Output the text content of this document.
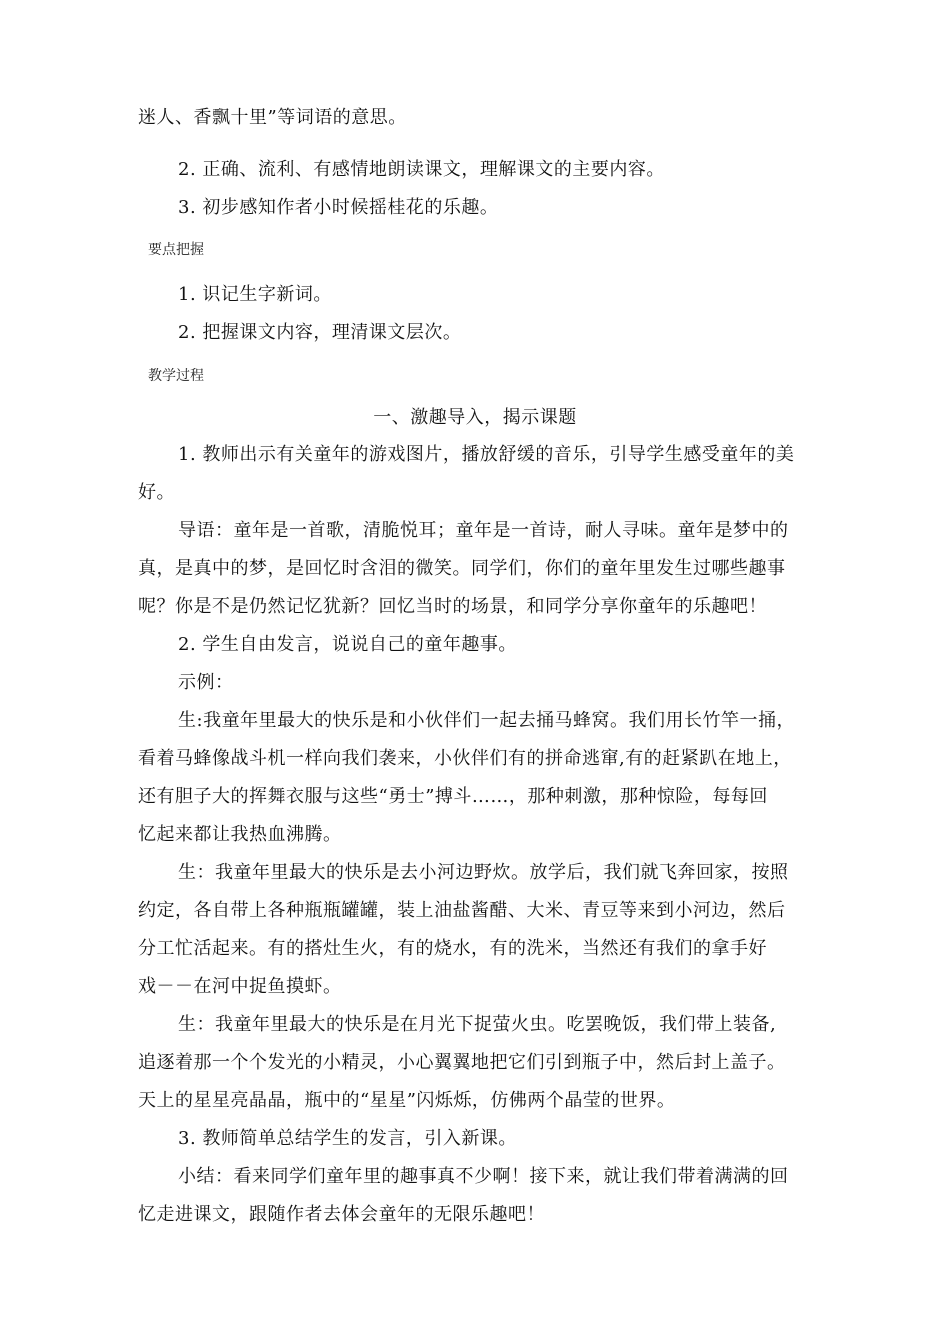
迷人、香飘十里”等词语的意思。
2. 正确、流利、有感情地朗读课文，理解课文的主要内容。
3. 初步感知作者小时候摇桂花的乐趣。
要点把握
1. 识记生字新词。
2. 把握课文内容，理清课文层次。
教学过程
一、激趣导入，揭示课题
1. 教师出示有关童年的游戏图片，播放舒缓的音乐，引导学生感受童年的美
好。
导语：童年是一首歌，清脆悦耳；童年是一首诗，耐人寻味。童年是梦中的
真，是真中的梦，是回忆时含泪的微笑。同学们，你们的童年里发生过哪些趣事
呢？你是不是仍然记忆犹新？回忆当时的场景，和同学分享你童年的乐趣吧！
2. 学生自由发言，说说自己的童年趣事。
示例：
生:我童年里最大的快乐是和小伙伴们一起去捅马蜂窝。我们用长竹竿一捅，
看着马蜂像战斗机一样向我们袭来，小伙伴们有的拼命逃窜,有的赶紧趴在地上，
还有胆子大的挥舞衣服与这些“勇士”搏斗……，那种刺激，那种惊险，每每回
忆起来都让我热血沸腾。
生：我童年里最大的快乐是去小河边野炊。放学后，我们就飞奔回家，按照
约定，各自带上各种瓶瓶罐罐，装上油盐酱醋、大米、青豆等来到小河边，然后
分工忙活起来。有的搭灶生火，有的烧水，有的洗米，当然还有我们的拿手好
戏－－在河中捉鱼摸虾。
生：我童年里最大的快乐是在月光下捉萤火虫。吃罢晚饭，我们带上装备,
追逐着那一个个发光的小精灵，小心翼翼地把它们引到瓶子中，然后封上盖子。
天上的星星亮晶晶，瓶中的“星星”闪烁烁，仿佛两个晶莹的世界。
3. 教师简单总结学生的发言，引入新课。
小结：看来同学们童年里的趣事真不少啊！接下来，就让我们带着满满的回
忆走进课文，跟随作者去体会童年的无限乐趣吧！
